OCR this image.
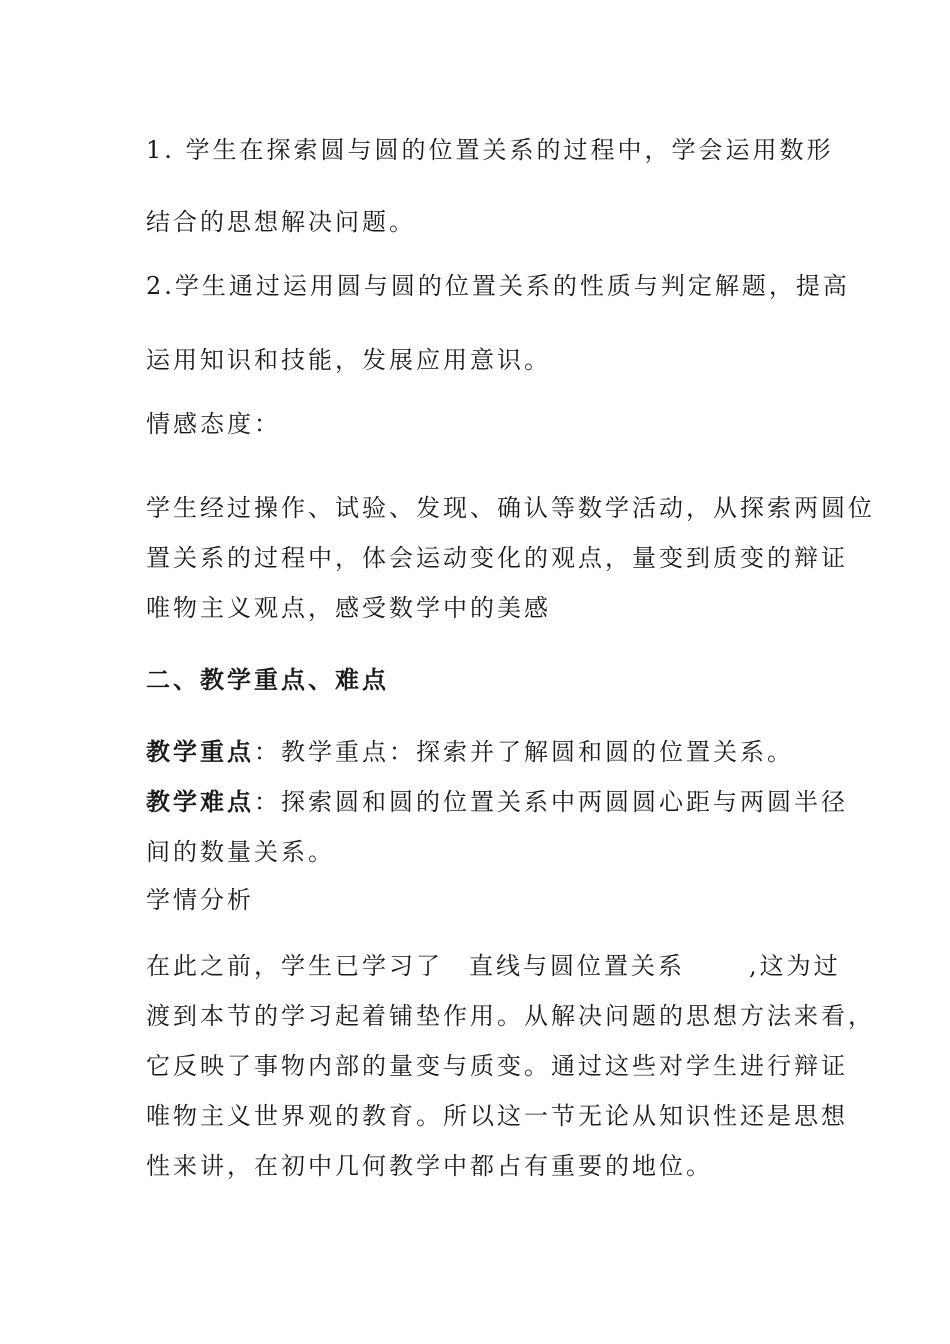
1. 学生在探索圆与圆的位置关系的过程中，学会运用数形
结合的思想解决问题。
2.学生通过运用圆与圆的位置关系的性质与判定解题，提高
运用知识和技能，发展应用意识。
情感态度：
学生经过操作、试验、发现、确认等数学活动，从探索两圆位
置关系的过程中，体会运动变化的观点，量变到质变的辩证
唯物主义观点，感受数学中的美感
二、教学重点、难点
教学重点：教学重点：探索并了解圆和圆的位置关系。
教学难点：探索圆和圆的位置关系中两圆圆心距与两圆半径
间的数量关系。
学情分析
在此之前，学生已学习了 直线与圆位置关系	,这为过
渡到本节的学习起着铺垫作用。从解决问题的思想方法来看，
它反映了事物内部的量变与质变。通过这些对学生进行辩证
唯物主义世界观的教育。所以这一节无论从知识性还是思想
性来讲，在初中几何教学中都占有重要的地位。
